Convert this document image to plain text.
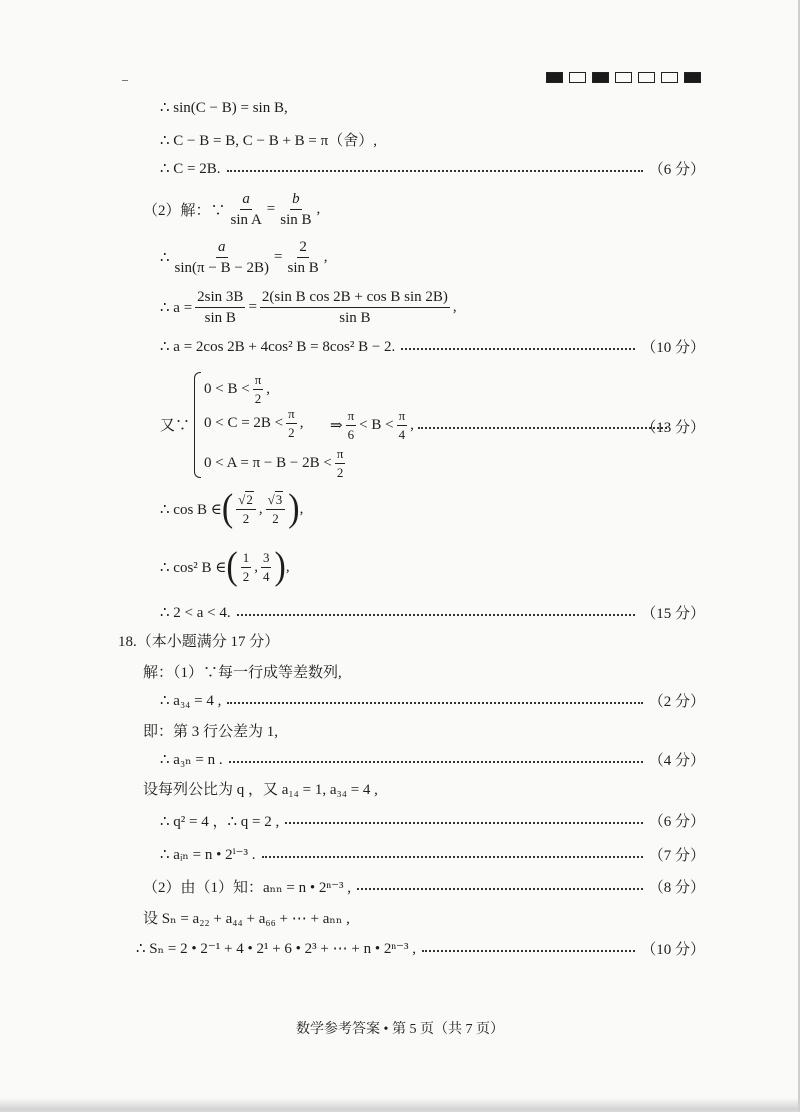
∴ sin(C − B) = sin B,
∴ C − B = B, C − B + B = π（舍）,
∴ C = 2B.	（6 分）
（2）解：∵ $\frac{a}{\text{sin A}} = \frac{b}{\text{sin B}}$ ,
∴ $\frac{a}{\sin(\pi - B - 2B)} = \frac{2}{\text{sin B}}$ ,
∴ $a = \frac{2\sin 3B}{\text{sin B}} = \frac{\text{2(sin B cos 2B + cos B sin 2B)}}{\text{sin B}}$ ,
∴ a = 2cos 2B + 4cos² B = 8cos² B − 2.	（10 分）
又∵
$0 < B < \frac{\pi}{2}$ ,
$0 < C = 2B < \frac{\pi}{2}$ ,
$0 < A = \pi - B - 2B < \frac{\pi}{2}$
⇒ $\frac{\pi}{6} < B < \frac{\pi}{4}$ ,	（13 分）
∴ cos B ∈ ( $\frac{√2}{2}$ , $\frac{√3}{2}$ ) ,
∴ cos² B ∈ ( $\frac{1}{2}$ , $\frac{3}{4}$ ) ,
∴ 2 < a < 4.	（15 分）
18.（本小题满分 17 分）
解：（1）∵每一行成等差数列,
∴ a₃₄ = 4 ,	（2 分）
即：第 3 行公差为 1,
∴ a₃ₙ = n .	（4 分）
设每列公比为 q ，又 a₁₄ = 1, a₃₄ = 4 ,
∴ q² = 4 ，∴ q = 2 ,	（6 分）
∴ aᵢₙ = n • 2ⁱ⁻³ .	（7 分）
（2）由（1）知：aₙₙ = n • 2ⁿ⁻³ ,	（8 分）
设 Sₙ = a₂₂ + a₄₄ + a₆₆ + ⋯ + aₙₙ ,
∴ Sₙ = 2 • 2⁻¹ + 4 • 2¹ + 6 • 2³ + ⋯ + n • 2ⁿ⁻³ ,	（10 分）
数学参考答案 • 第 5 页（共 7 页）
